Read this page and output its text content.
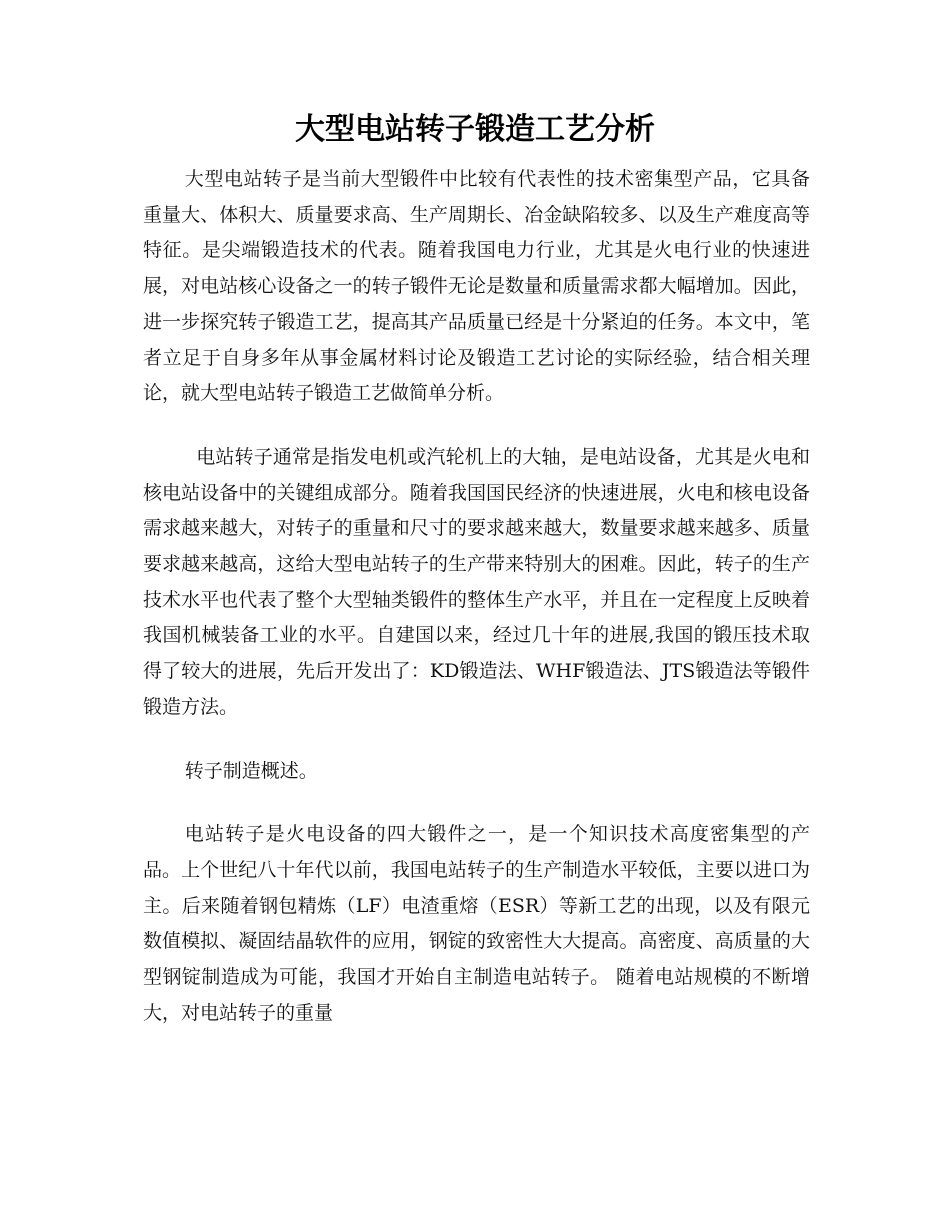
大型电站转子锻造工艺分析

大型电站转子是当前大型锻件中比较有代表性的技术密集型产品，它具备重量大、体积大、质量要求高、生产周期长、冶金缺陷较多、以及生产难度高等特征。是尖端锻造技术的代表。随着我国电力行业，尤其是火电行业的快速进展，对电站核心设备之一的转子锻件无论是数量和质量需求都大幅增加。因此，进一步探究转子锻造工艺，提高其产品质量已经是十分紧迫的任务。本文中，笔者立足于自身多年从事金属材料讨论及锻造工艺讨论的实际经验，结合相关理论，就大型电站转子锻造工艺做简单分析。

电站转子通常是指发电机或汽轮机上的大轴，是电站设备，尤其是火电和核电站设备中的关键组成部分。随着我国国民经济的快速进展，火电和核电设备需求越来越大，对转子的重量和尺寸的要求越来越大，数量要求越来越多、质量要求越来越高，这给大型电站转子的生产带来特别大的困难。因此，转子的生产技术水平也代表了整个大型轴类锻件的整体生产水平，并且在一定程度上反映着我国机械装备工业的水平。自建国以来，经过几十年的进展,我国的锻压技术取得了较大的进展，先后开发出了：KD锻造法、WHF锻造法、JTS锻造法等锻件锻造方法。

转子制造概述。

电站转子是火电设备的四大锻件之一，是一个知识技术高度密集型的产品。上个世纪八十年代以前，我国电站转子的生产制造水平较低，主要以进口为主。后来随着钢包精炼（LF）电渣重熔（ESR）等新工艺的出现，以及有限元数值模拟、凝固结晶软件的应用，钢锭的致密性大大提高。高密度、高质量的大型钢锭制造成为可能，我国才开始自主制造电站转子。 随着电站规模的不断增大，对电站转子的重量
